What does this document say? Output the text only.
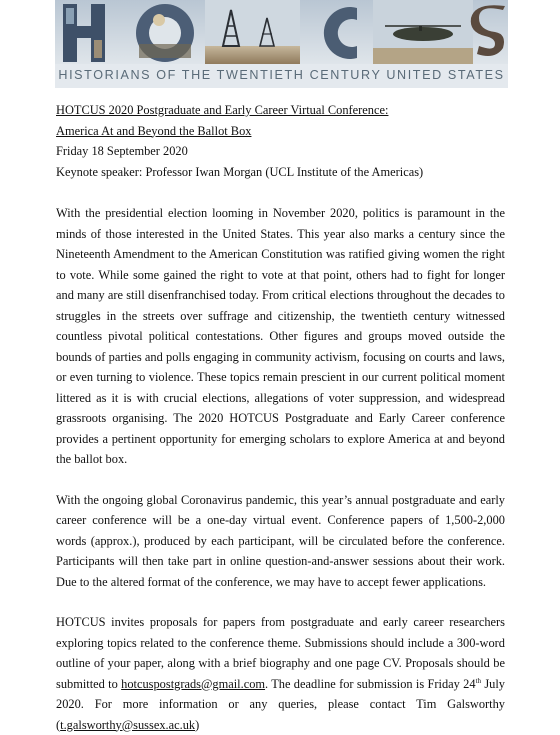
HISTORIANS OF THE TWENTIETH CENTURY UNITED STATES
HOTCUS 2020 Postgraduate and Early Career Virtual Conference:
America At and Beyond the Ballot Box
Friday 18 September 2020
Keynote speaker: Professor Iwan Morgan (UCL Institute of the Americas)

With the presidential election looming in November 2020, politics is paramount in the minds of those interested in the United States. This year also marks a century since the Nineteenth Amendment to the American Constitution was ratified giving women the right to vote. While some gained the right to vote at that point, others had to fight for longer and many are still disenfranchised today. From critical elections throughout the decades to struggles in the streets over suffrage and citizenship, the twentieth century witnessed countless pivotal political contestations. Other figures and groups moved outside the bounds of parties and polls engaging in community activism, focusing on courts and laws, or even turning to violence. These topics remain prescient in our current political moment littered as it is with crucial elections, allegations of voter suppression, and widespread grassroots organising. The 2020 HOTCUS Postgraduate and Early Career conference provides a pertinent opportunity for emerging scholars to explore America at and beyond the ballot box.

With the ongoing global Coronavirus pandemic, this year’s annual postgraduate and early career conference will be a one-day virtual event. Conference papers of 1,500-2,000 words (approx.), produced by each participant, will be circulated before the conference. Participants will then take part in online question-and-answer sessions about their work. Due to the altered format of the conference, we may have to accept fewer applications.

HOTCUS invites proposals for papers from postgraduate and early career researchers exploring topics related to the conference theme. Submissions should include a 300-word outline of your paper, along with a brief biography and one page CV. Proposals should be submitted to hotcuspostgrads@gmail.com. The deadline for submission is Friday 24th July 2020. For more information or any queries, please contact Tim Galsworthy (t.galsworthy@sussex.ac.uk)
